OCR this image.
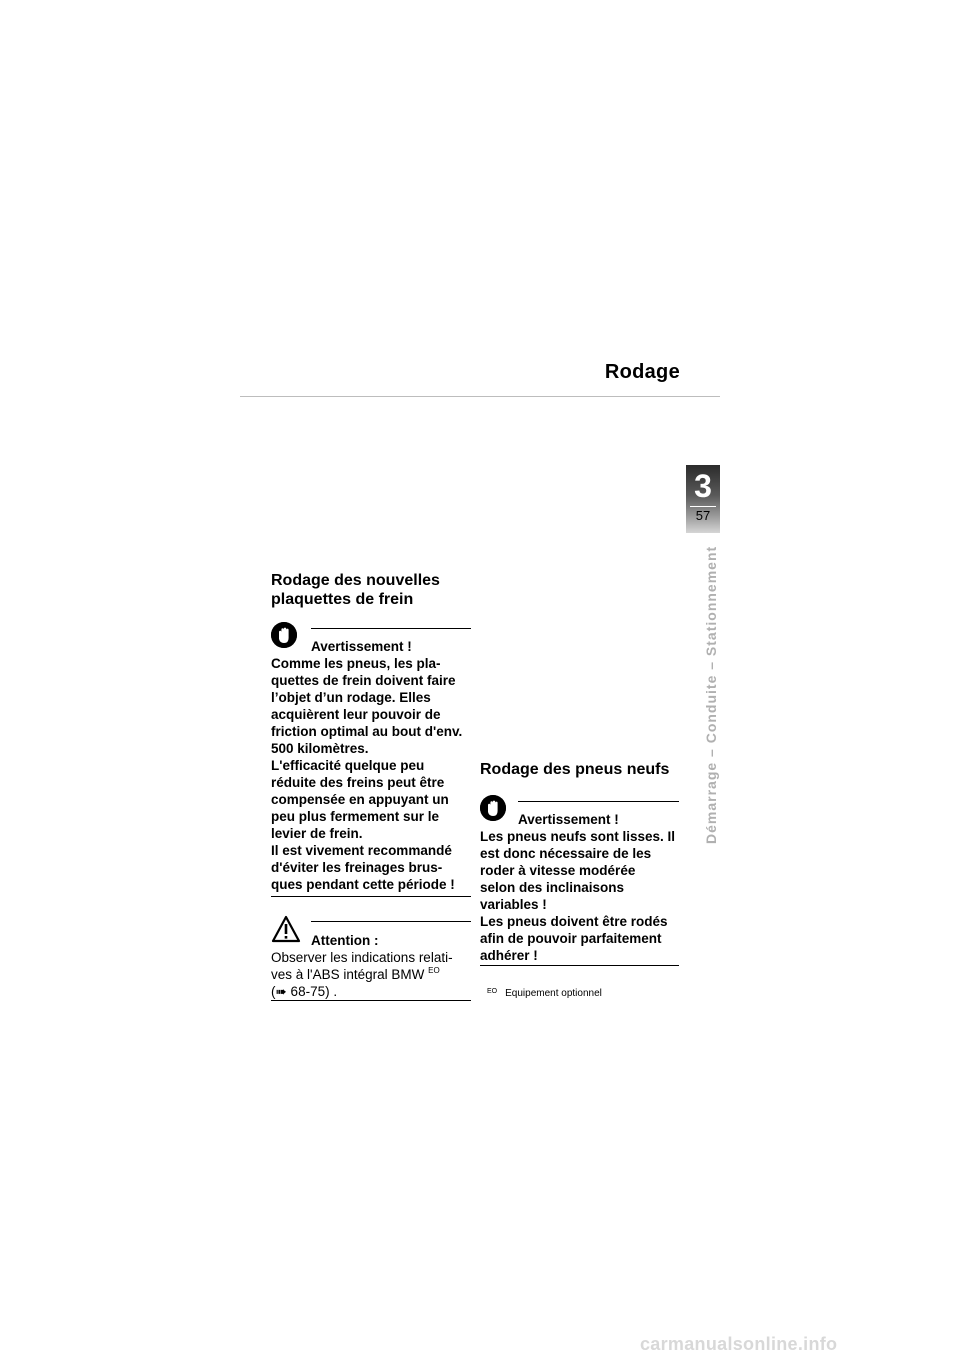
Rodage
3
57
Démarrage – Conduite – Stationnement
Rodage des nouvelles plaquettes de frein
Avertissement !
Comme les pneus, les pla-
quettes de frein doivent faire
l’objet d’un rodage. Elles
acquièrent leur pouvoir de
friction optimal au bout d'env.
500 kilomètres.
L'efficacité quelque peu
réduite des freins peut être
compensée en appuyant un
peu plus fermement sur le
levier de frein.
Il est vivement recommandé
d'éviter les freinages brus-
ques pendant cette période !
Attention :
Observer les indications relati-
ves à l'ABS intégral BMW $^{EO}$
(➠ 68-75) .
Rodage des pneus neufs
Avertissement !
Les pneus neufs sont lisses. Il
est donc nécessaire de les
roder à vitesse modérée
selon des inclinaisons
variables !
Les pneus doivent être rodés
afin de pouvoir parfaitement
adhérer !
$^{EO}$ Equipement optionnel
carmanualsonline.info
